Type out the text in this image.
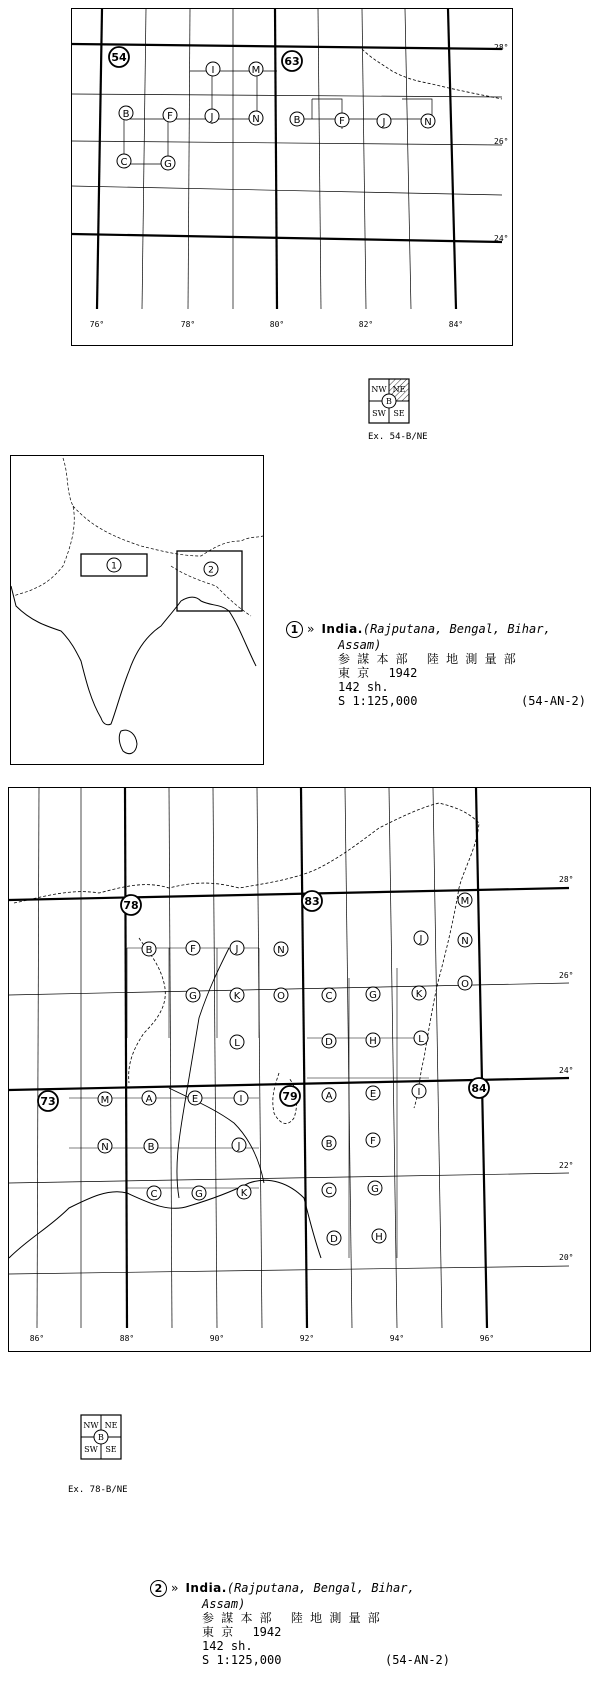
54	63
I	M
B	F	J	N	B	F	J	N
C	G
28°
26°
24°
76°	78°	80°	82°	84°
NW NE
B
SW SE
Ex. 54-B/NE
1	2
1 » India.(Rajputana, Bengal, Bihar,
Assam)
参 謀 本 部　 陸 地 測 量 部
東 京　 1942
142 sh.
S 1:125,000	(54-AN-2)
78	83
73	79
84
M
B	F	J	N
J	N
G	K	O	C	G	K
O
L	D	H	L
M	A	E	I	A	E	I
N	B	J	B	F
C	G	K	C	G
D	H
28°
26°
24°
22°
20°
86°	88°	90°	92°	94°	96°
NW NE
B
SW SE
Ex. 78-B/NE
2 » India.(Rajputana, Bengal, Bihar,
Assam)
参 謀 本 部　 陸 地 測 量 部
東 京　 1942
142 sh.
S 1:125,000	(54-AN-2)
